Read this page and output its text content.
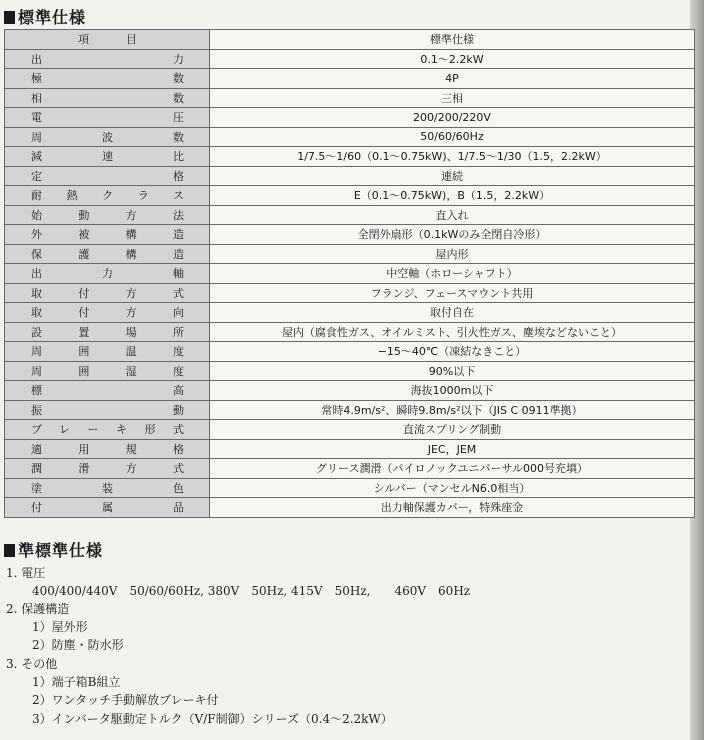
標準仕様
項　　　目	標準仕様
出力	0.1～2.2kW
極数	4P
相数	三相
電圧	200/200/220V
周波数	50/60/60Hz
減速比	1/7.5～1/60（0.1～0.75kW)、1/7.5～1/30（1.5，2.2kW）
定格	連続
耐熱クラス	E（0.1～0.75kW)，B（1.5，2.2kW）
始動方法	直入れ
外被構造	全閉外扇形（0.1kWのみ全閉自冷形）
保護構造	屋内形
出力軸	中空軸（ホローシャフト）
取付方式	フランジ、フェースマウント共用
取付方向	取付自在
設置場所	屋内（腐食性ガス、オイルミスト、引火性ガス、塵埃などないこと）
周囲温度	−15～40℃（凍結なきこと）
周囲湿度	90%以下
標高	海抜1000m以下
振動	常時4.9m/s²、瞬時9.8m/s²以下（JIS C 0911準拠）
ブレーキ形式	直流スプリング制動
適用規格	JEC，JEM
潤滑方式	グリース潤滑（パイロノックユニバーサル000号充填）
塗装色	シルバー（マンセルN6.0相当）
付属品	出力軸保護カバー，特殊座金
準標準仕様
1. 電圧
400/400/440V　50/60/60Hz, 380V　50Hz, 415V　50Hz,　　460V　60Hz
2. 保護構造
1）屋外形
2）防塵・防水形
3. その他
1）端子箱B組立
2）ワンタッチ手動解放ブレーキ付
3）インバータ駆動定トルク（V/F制御）シリーズ（0.4～2.2kW）
